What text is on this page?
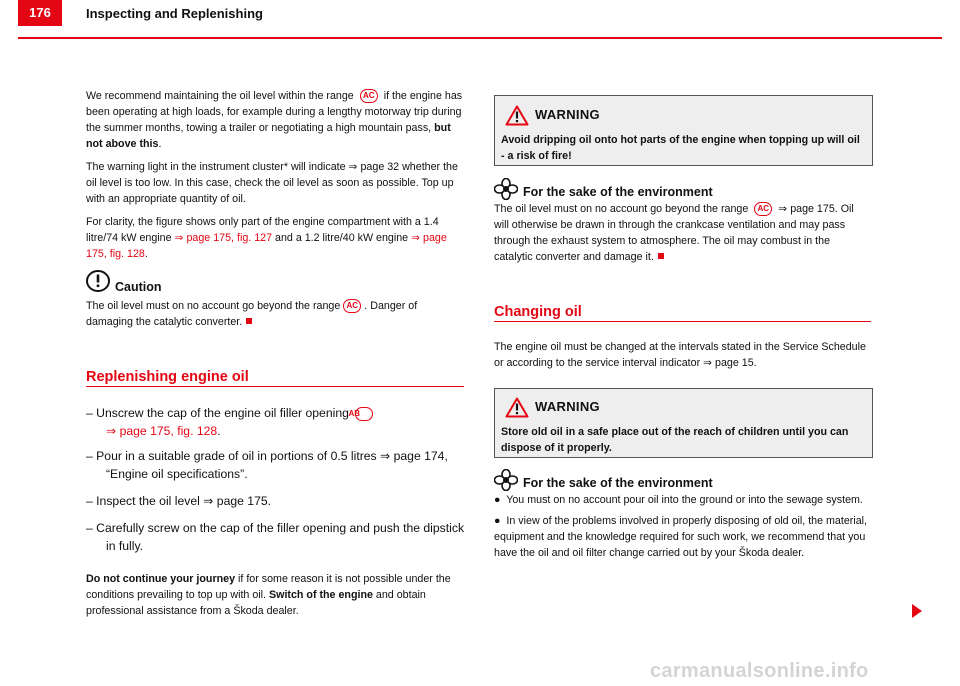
176	Inspecting and Replenishing

We recommend maintaining the oil level within the range AC if the engine has been operating at high loads, for example during a lengthy motorway trip during the summer months, towing a trailer or negotiating a high mountain pass, but not above this.

The warning light in the instrument cluster* will indicate ⇒ page 32 whether the oil level is too low. In this case, check the oil level as soon as possible. Top up with an appropriate quantity of oil.

For clarity, the figure shows only part of the engine compartment with a 1.4 litre/74 kW engine ⇒ page 175, fig. 127 and a 1.2 litre/40 kW engine ⇒ page 175, fig. 128.

Caution

The oil level must on no account go beyond the range AC . Danger of damaging the catalytic converter.

Replenishing engine oil

– Unscrew the cap of the engine oil filler opening AB
⇒ page 175, fig. 128.

– Pour in a suitable grade of oil in portions of 0.5 litres ⇒ page 174, “Engine oil specifications”.

– Inspect the oil level ⇒ page 175.

– Carefully screw on the cap of the filler opening and push the dipstick in fully.

Do not continue your journey if for some reason it is not possible under the conditions prevailing to top up with oil. Switch of the engine and obtain professional assistance from a Škoda dealer.

WARNING

Avoid dripping oil onto hot parts of the engine when topping up will oil - a risk of fire!

For the sake of the environment

The oil level must on no account go beyond the range AC ⇒ page 175. Oil will otherwise be drawn in through the crankcase ventilation and may pass through the exhaust system to atmosphere. The oil may combust in the catalytic converter and damage it.

Changing oil

The engine oil must be changed at the intervals stated in the Service Schedule or according to the service interval indicator ⇒ page 15.

WARNING

Store old oil in a safe place out of the reach of children until you can dispose of it properly.

For the sake of the environment

● You must on no account pour oil into the ground or into the sewage system.

● In view of the problems involved in properly disposing of old oil, the material, equipment and the knowledge required for such work, we recommend that you have the oil and oil filter change carried out by your Škoda dealer.

carmanualsonline.info
